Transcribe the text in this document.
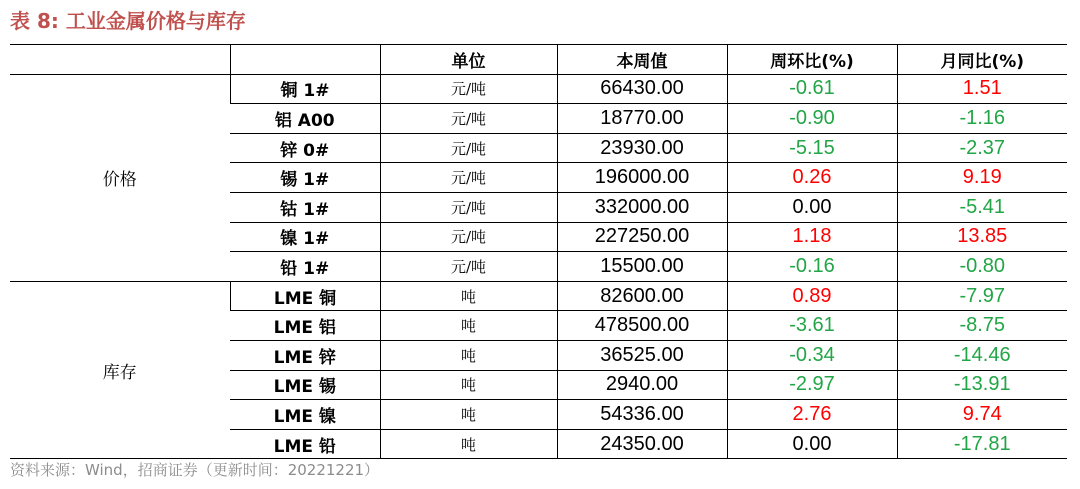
表 8: 工业金属价格与库存
		单位	本周值	周环比(%)	月同比(%)
价格	铜 1#	元/吨	66430.00	-0.61	1.51
	铝 A00	元/吨	18770.00	-0.90	-1.16
	锌 0#	元/吨	23930.00	-5.15	-2.37
	锡 1#	元/吨	196000.00	0.26	9.19
	钴 1#	元/吨	332000.00	0.00	-5.41
	镍 1#	元/吨	227250.00	1.18	13.85
	铅 1#	元/吨	15500.00	-0.16	-0.80
库存	LME 铜	吨	82600.00	0.89	-7.97
	LME 铝	吨	478500.00	-3.61	-8.75
	LME 锌	吨	36525.00	-0.34	-14.46
	LME 锡	吨	2940.00	-2.97	-13.91
	LME 镍	吨	54336.00	2.76	9.74
	LME 铅	吨	24350.00	0.00	-17.81
资料来源：Wind，招商证券（更新时间：20221221）
